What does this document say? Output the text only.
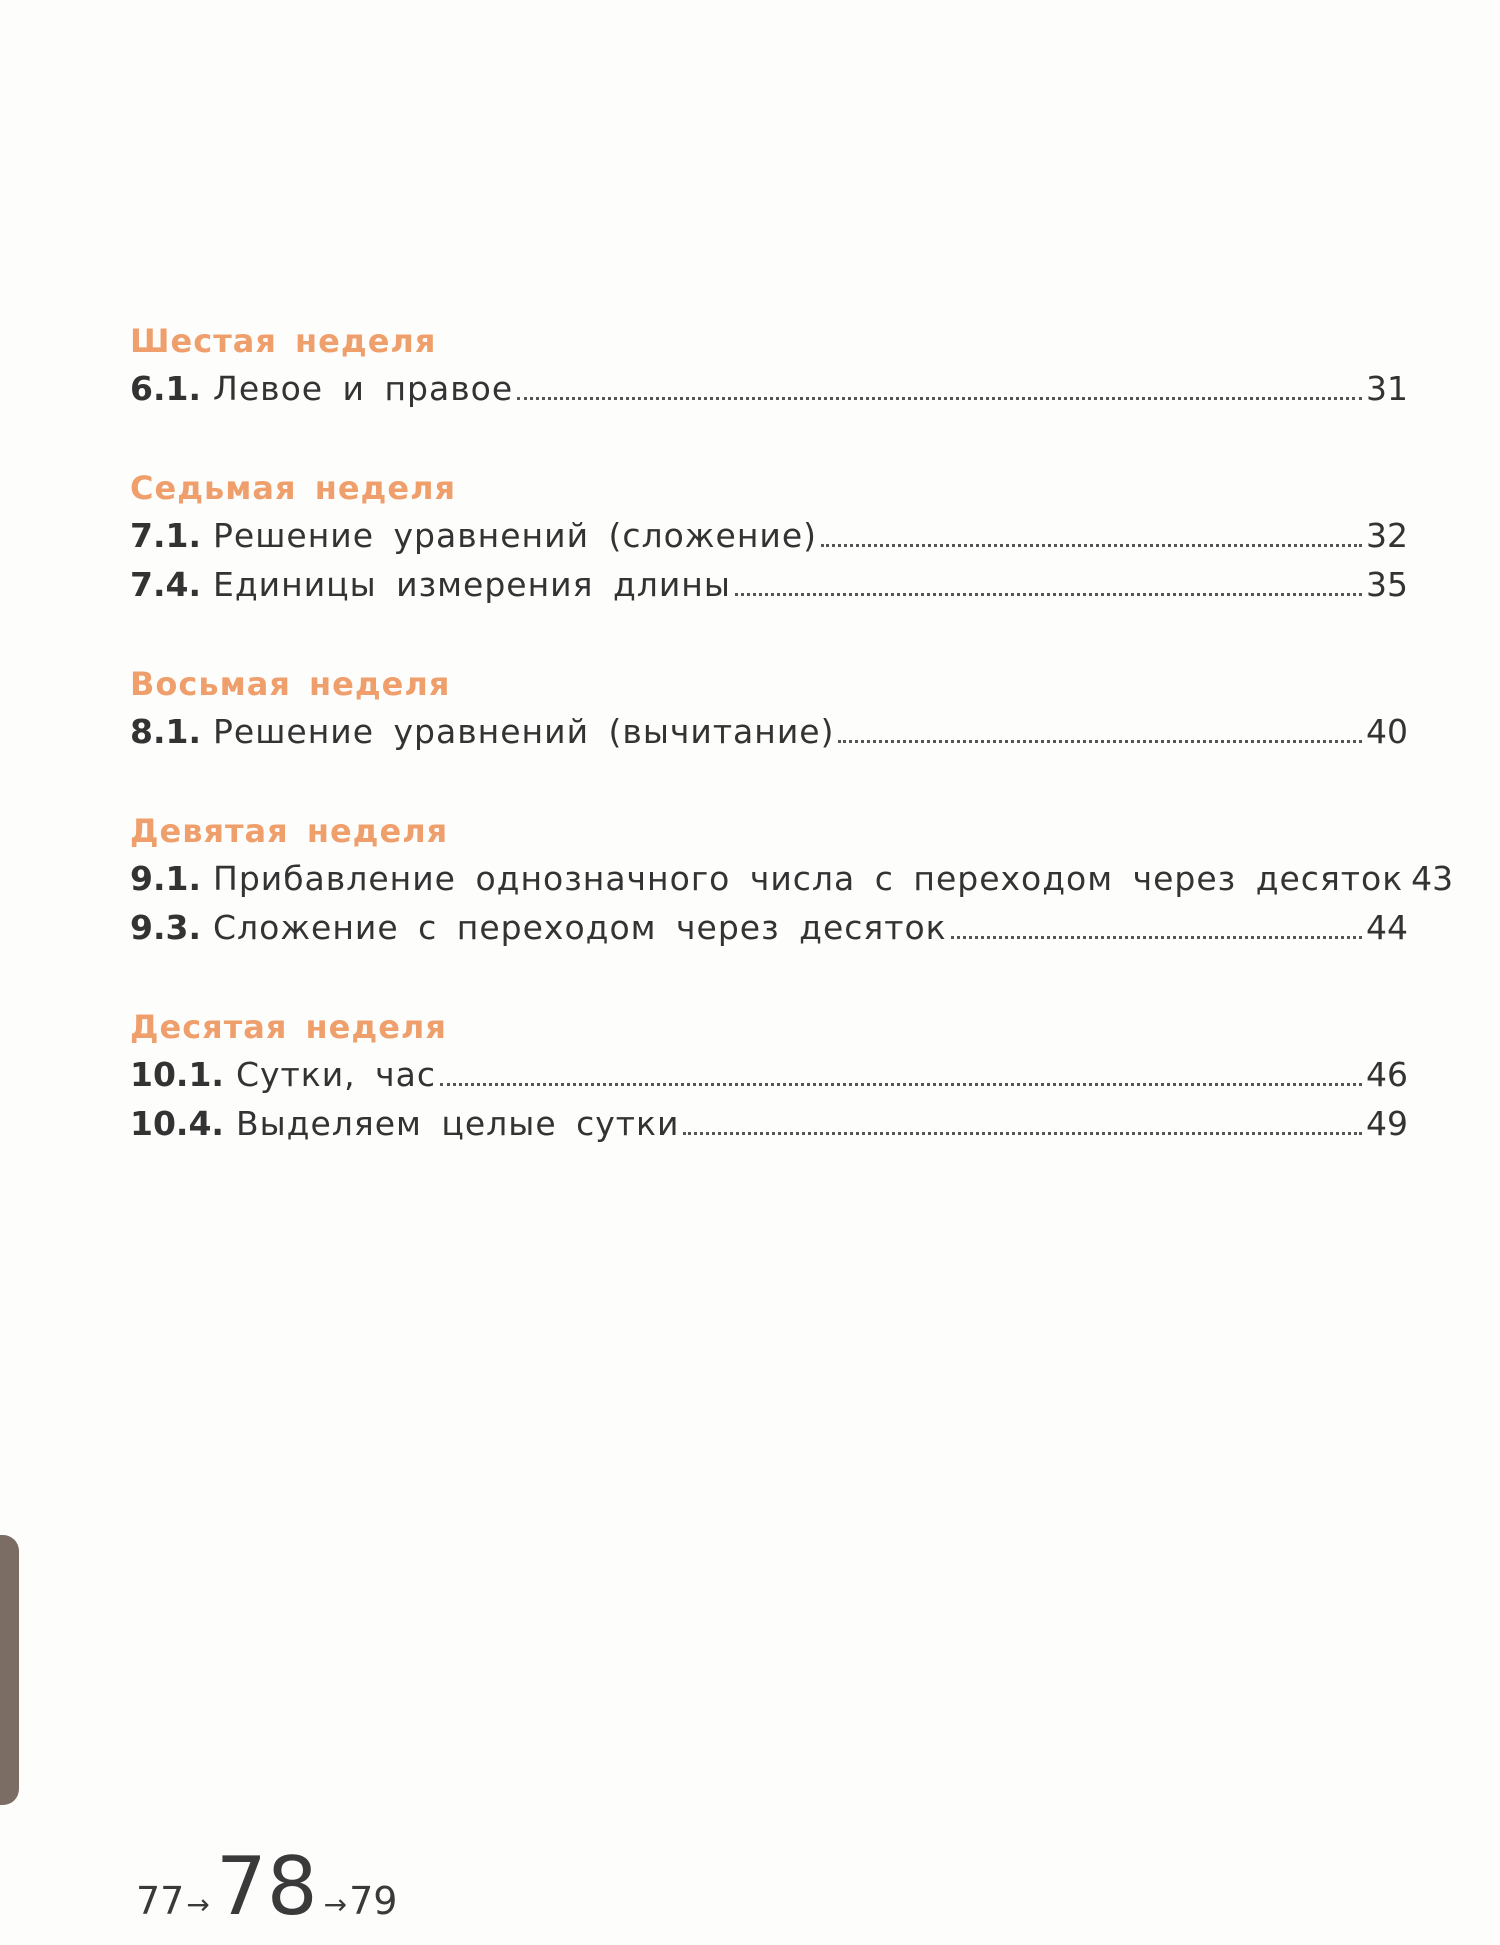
Шестая неделя
6.1. Левое и правое	31
Седьмая неделя
7.1. Решение уравнений (сложение)	32
7.4. Единицы измерения длины	35
Восьмая неделя
8.1. Решение уравнений (вычитание)	40
Девятая неделя
9.1. Прибавление однозначного числа с переходом через десяток 43
9.3. Сложение с переходом через десяток	44
Десятая неделя
10.1. Сутки, час	46
10.4. Выделяем целые сутки	49
77 → 78 → 79
